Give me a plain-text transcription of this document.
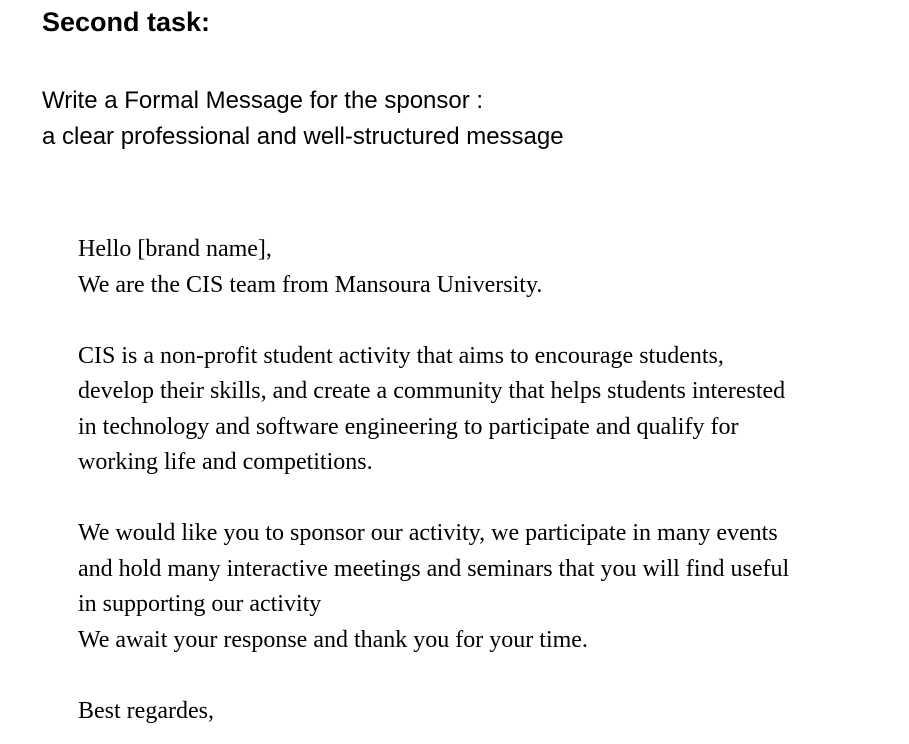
Second task:
Write a Formal Message for the sponsor :
a clear professional and well-structured message
Hello [brand name],
We are the CIS team from Mansoura University.
CIS is a non-profit student activity that aims to encourage students,
develop their skills, and create a community that helps students interested
in technology and software engineering to participate and qualify for
working life and competitions.
We would like you to sponsor our activity, we participate in many events
and hold many interactive meetings and seminars that you will find useful
in supporting our activity
We await your response and thank you for your time.
Best regardes,
